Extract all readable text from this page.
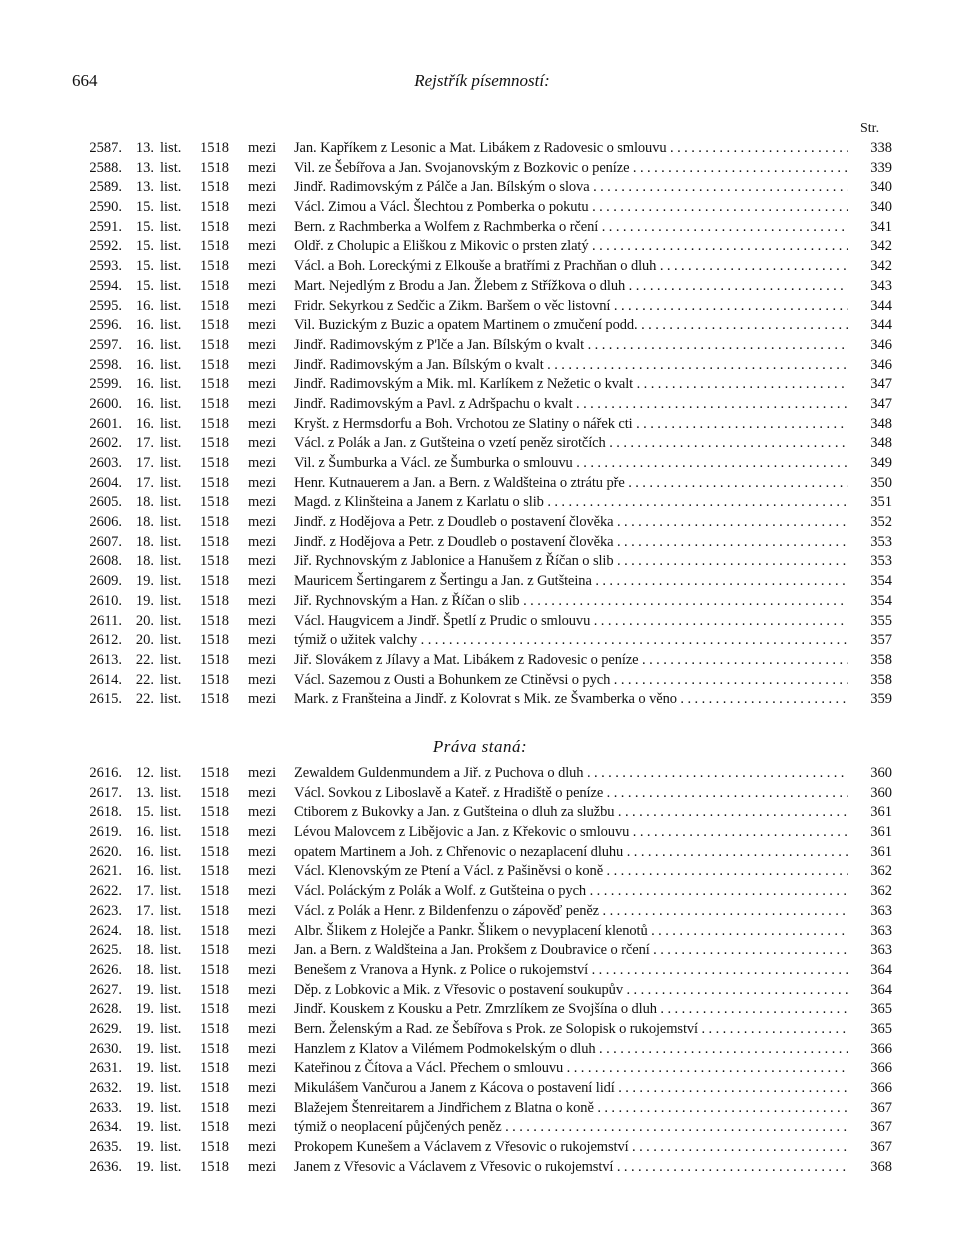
664	Rejstřík písemností:
Str.
2587. 13. list. 1518 mezi Jan. Kapříkem z Lesonic a Mat. Libákem z Radovesic o smlouvu . . .	338
2588. 13. list. 1518 mezi Vil. ze Šebířova a Jan. Svojanovským z Bozkovic o peníze . . .	339
2589. 13. list. 1518 mezi Jindř. Radimovským z Pálče a Jan. Bílským o slova . . .	340
2590. 15. list. 1518 mezi Václ. Zimou a Václ. Šlechtou z Pomberka o pokutu . . .	340
2591. 15. list. 1518 mezi Bern. z Rachmberka a Wolfem z Rachmberka o rčení . . .	341
2592. 15. list. 1518 mezi Oldř. z Cholupic a Eliškou z Mikovic o prsten zlatý . . .	342
2593. 15. list. 1518 mezi Václ. a Boh. Loreckými z Elkouše a bratřími z Prachňan o dluh . . .	342
2594. 15. list. 1518 mezi Mart. Nejedlým z Brodu a Jan. Žlebem z Střížkova o dluh . . .	343
2595. 16. list. 1518 mezi Fridr. Sekyrkou z Sedčic a Zikm. Baršem o věc listovní . . .	344
2596. 16. list. 1518 mezi Vil. Buzickým z Buzic a opatem Martinem o zmučení podd. . . .	344
2597. 16. list. 1518 mezi Jindř. Radimovským z P'lče a Jan. Bílským o kvalt . . .	346
2598. 16. list. 1518 mezi Jindř. Radimovským a Jan. Bílským o kvalt . . .	346
2599. 16. list. 1518 mezi Jindř. Radimovským a Mik. ml. Karlíkem z Nežetic o kvalt . . .	347
2600. 16. list. 1518 mezi Jindř. Radimovským a Pavl. z Adršpachu o kvalt . . .	347
2601. 16. list. 1518 mezi Kryšt. z Hermsdorfu a Boh. Vrchotou ze Slatiny o nářek cti . . .	348
2602. 17. list. 1518 mezi Václ. z Polák a Jan. z Gutšteina o vzetí peněz sirotčích . . .	348
2603. 17. list. 1518 mezi Vil. z Šumburka a Václ. ze Šumburka o smlouvu . . .	349
2604. 17. list. 1518 mezi Henr. Kutnauerem a Jan. a Bern. z Waldšteina o ztrátu pře . . .	350
2605. 18. list. 1518 mezi Magd. z Klinšteina a Janem z Karlatu o slib . . .	351
2606. 18. list. 1518 mezi Jindř. z Hodějova a Petr. z Doudleb o postavení člověka . . .	352
2607. 18. list. 1518 mezi Jindř. z Hodějova a Petr. z Doudleb o postavení člověka . . .	353
2608. 18. list. 1518 mezi Jiř. Rychnovským z Jablonice a Hanušem z Říčan o slib . . .	353
2609. 19. list. 1518 mezi Mauricem Šertingarem z Šertingu a Jan. z Gutšteina . . .	354
2610. 19. list. 1518 mezi Jiř. Rychnovským a Han. z Říčan o slib . . .	354
2611. 20. list. 1518 mezi Václ. Haugvicem a Jindř. Špetlí z Prudic o smlouvu . . .	355
2612. 20. list. 1518 mezi týmiž o užitek valchy . . .	357
2613. 22. list. 1518 mezi Jiř. Slovákem z Jílavy a Mat. Libákem z Radovesic o peníze . . .	358
2614. 22. list. 1518 mezi Václ. Sazemou z Ousti a Bohunkem ze Ctiněvsi o pych . . .	358
2615. 22. list. 1518 mezi Mark. z Franšteina a Jindř. z Kolovrat s Mik. ze Švamberka o věno . . .	359
Práva staná:
2616. 12. list. 1518 mezi Zewaldem Guldenmundem a Jiř. z Puchova o dluh . . .	360
2617. 13. list. 1518 mezi Václ. Sovkou z Liboslavě a Kateř. z Hradiště o peníze . . .	360
2618. 15. list. 1518 mezi Ctiborem z Bukovky a Jan. z Gutšteina o dluh za službu . . .	361
2619. 16. list. 1518 mezi Lévou Malovcem z Libějovic a Jan. z Křekovic o smlouvu . . .	361
2620. 16. list. 1518 mezi opatem Martinem a Joh. z Chřenovic o nezaplacení dluhu . . .	361
2621. 16. list. 1518 mezi Václ. Klenovským ze Ptení a Václ. z Pašiněvsi o koně . . .	362
2622. 17. list. 1518 mezi Václ. Poláckým z Polák a Wolf. z Gutšteina o pych . . .	362
2623. 17. list. 1518 mezi Václ. z Polák a Henr. z Bildenfenzu o zápověď peněz . . .	363
2624. 18. list. 1518 mezi Albr. Šlikem z Holejče a Pankr. Šlikem o nevyplacení klenotů . . .	363
2625. 18. list. 1518 mezi Jan. a Bern. z Waldšteina a Jan. Prokšem z Doubravice o rčení . . .	363
2626. 18. list. 1518 mezi Benešem z Vranova a Hynk. z Police o rukojemství . . .	364
2627. 19. list. 1518 mezi Děp. z Lobkovic a Mik. z Vřesovic o postavení soukupův . . .	364
2628. 19. list. 1518 mezi Jindř. Kouskem z Kousku a Petr. Zmrzlíkem ze Svojšína o dluh . . .	365
2629. 19. list. 1518 mezi Bern. Želenským a Rad. ze Šebířova s Prok. ze Solopisk o rukojemství . . .	365
2630. 19. list. 1518 mezi Hanzlem z Klatov a Vilémem Podmokelským o dluh . . .	366
2631. 19. list. 1518 mezi Kateřinou z Čítova a Václ. Přechem o smlouvu . . .	366
2632. 19. list. 1518 mezi Mikulášem Vančurou a Janem z Kácova o postavení lidí . . .	366
2633. 19. list. 1518 mezi Blažejem Štenreitarem a Jindřichem z Blatna o koně . . .	367
2634. 19. list. 1518 mezi týmiž o neoplacení půjčených peněz . . .	367
2635. 19. list. 1518 mezi Prokopem Kunešem a Václavem z Vřesovic o rukojemství . . .	367
2636. 19. list. 1518 mezi Janem z Vřesovic a Václavem z Vřesovic o rukojemství . . .	368
